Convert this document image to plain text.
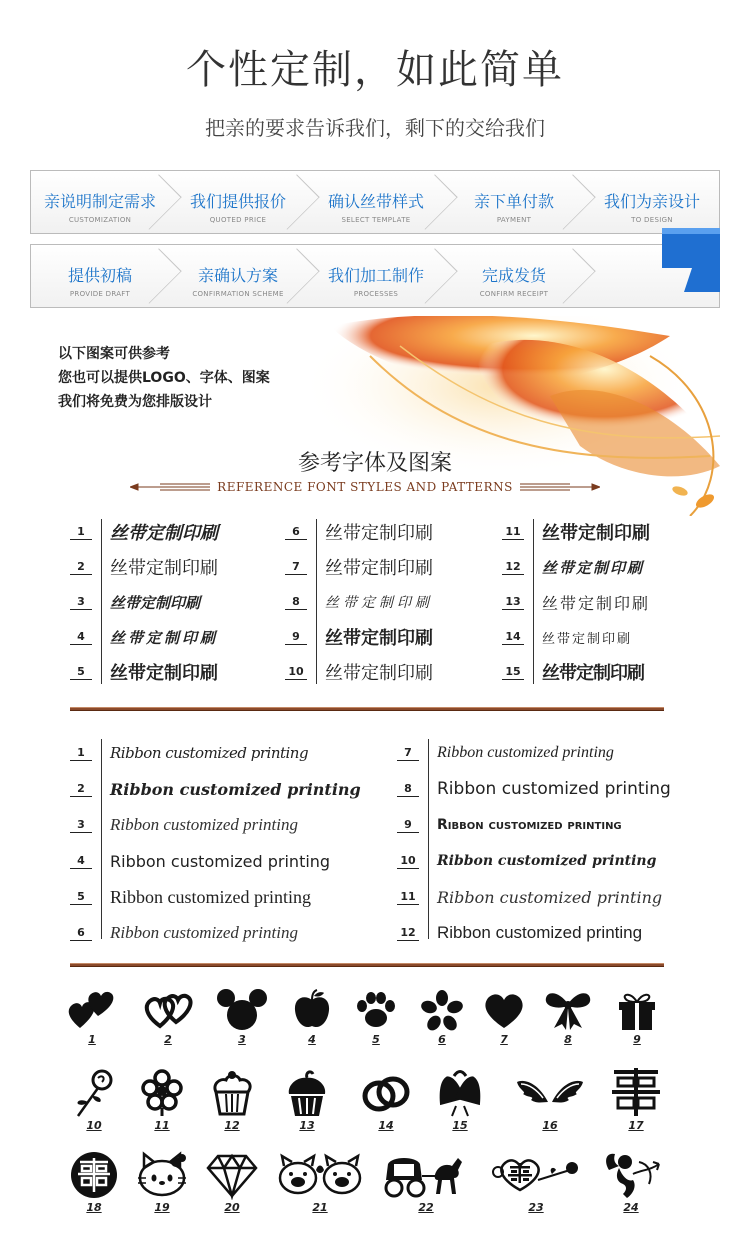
个性定制，如此简单
把亲的要求告诉我们，剩下的交给我们
亲说明制定需求
CUSTOMIZATION
我们提供报价
QUOTED PRICE
确认丝带样式
SELECT TEMPLATE
亲下单付款
PAYMENT
我们为亲设计
TO DESIGN
提供初稿
PROVIDE DRAFT
亲确认方案
CONFIRMATION SCHEME
我们加工制作
PROCESSES
完成发货
CONFIRM RECEIPT
以下图案可供参考
您也可以提供LOGO、字体、图案
我们将免费为您排版设计
参考字体及图案
REFERENCE FONT STYLES AND PATTERNS
1	丝带定制印刷
2	丝带定制印刷
3	丝带定制印刷
4	丝带定制印刷
5	丝带定制印刷
6	丝带定制印刷
7	丝带定制印刷
8	丝带定制印刷
9	丝带定制印刷
10 丝带定制印刷
11 丝带定制印刷
12 丝带定制印刷
13 丝带定制印刷
14 丝带定制印刷
15 丝带定制印刷
1	Ribbon customized printing
2	Ribbon customized printing
3	Ribbon customized printing
4	Ribbon customized printing
5	Ribbon customized printing
6	Ribbon customized printing
7	Ribbon customized printing
8	Ribbon customized printing
9	Ribbon customized printing
10 Ribbon customized printing
11 Ribbon customized printing
12 Ribbon customized printing
1	2	3	4	5	6	7	8	9
10	11	12	13	14	15	16	17
18	19	20	21	22	23	24
